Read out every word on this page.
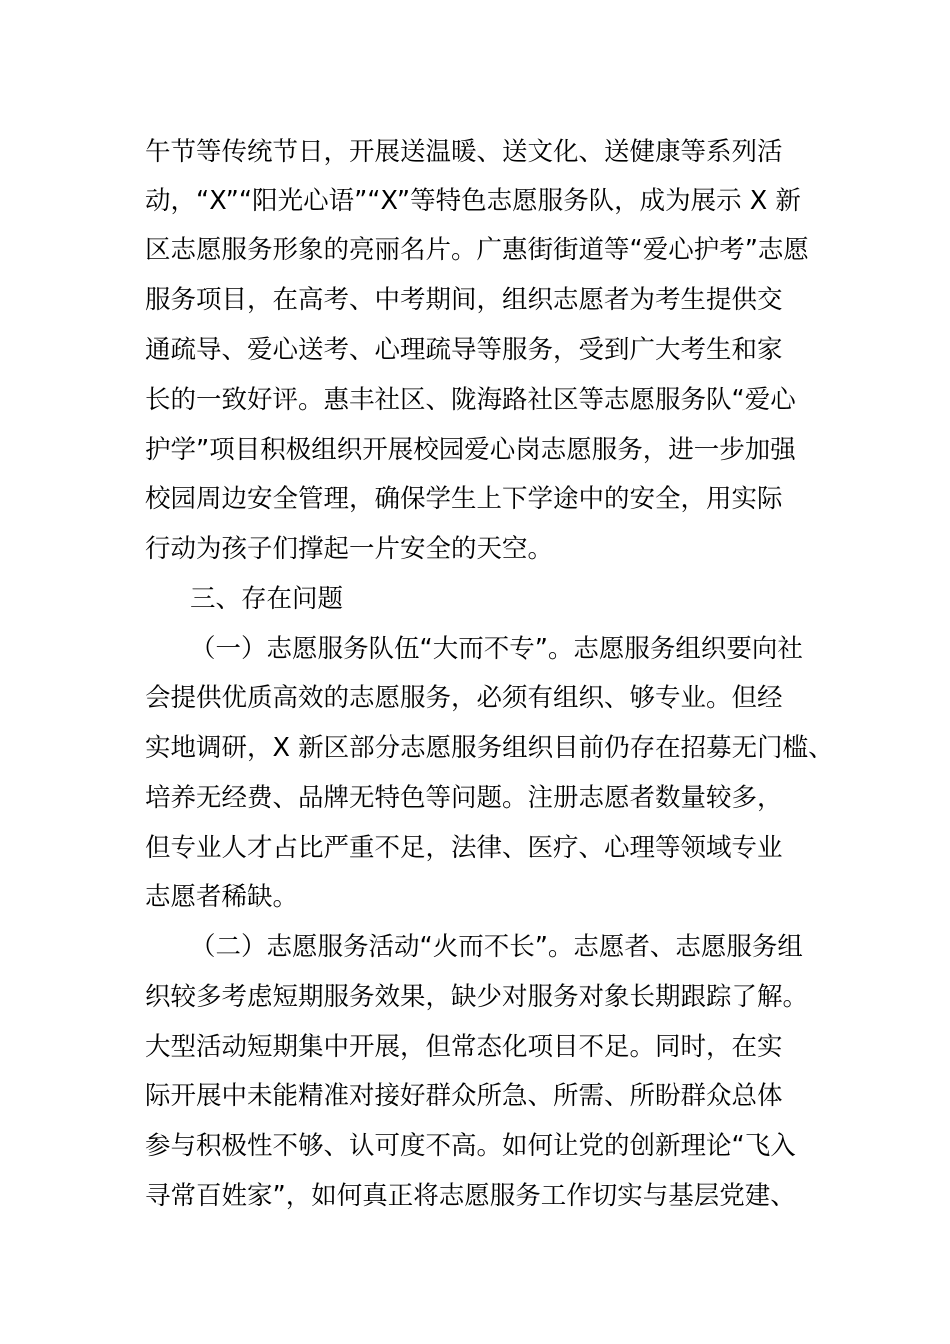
午节等传统节日，开展送温暖、送文化、送健康等系列活

动，“X”“阳光心语”“X”等特色志愿服务队，成为展示 X 新

区志愿服务形象的亮丽名片。广惠街街道等“爱心护考”志愿

服务项目，在高考、中考期间，组织志愿者为考生提供交

通疏导、爱心送考、心理疏导等服务，受到广大考生和家

长的一致好评。惠丰社区、陇海路社区等志愿服务队“爱心

护学”项目积极组织开展校园爱心岗志愿服务，进一步加强

校园周边安全管理，确保学生上下学途中的安全，用实际

行动为孩子们撑起一片安全的天空。

三、存在问题

（一）志愿服务队伍“大而不专”。志愿服务组织要向社

会提供优质高效的志愿服务，必须有组织、够专业。但经

实地调研，X 新区部分志愿服务组织目前仍存在招募无门槛、

培养无经费、品牌无特色等问题。注册志愿者数量较多，

但专业人才占比严重不足，法律、医疗、心理等领域专业

志愿者稀缺。

（二）志愿服务活动“火而不长”。志愿者、志愿服务组

织较多考虑短期服务效果，缺少对服务对象长期跟踪了解。

大型活动短期集中开展，但常态化项目不足。同时，在实

际开展中未能精准对接好群众所急、所需、所盼群众总体

参与积极性不够、认可度不高。如何让党的创新理论“飞入

寻常百姓家”，如何真正将志愿服务工作切实与基层党建、
